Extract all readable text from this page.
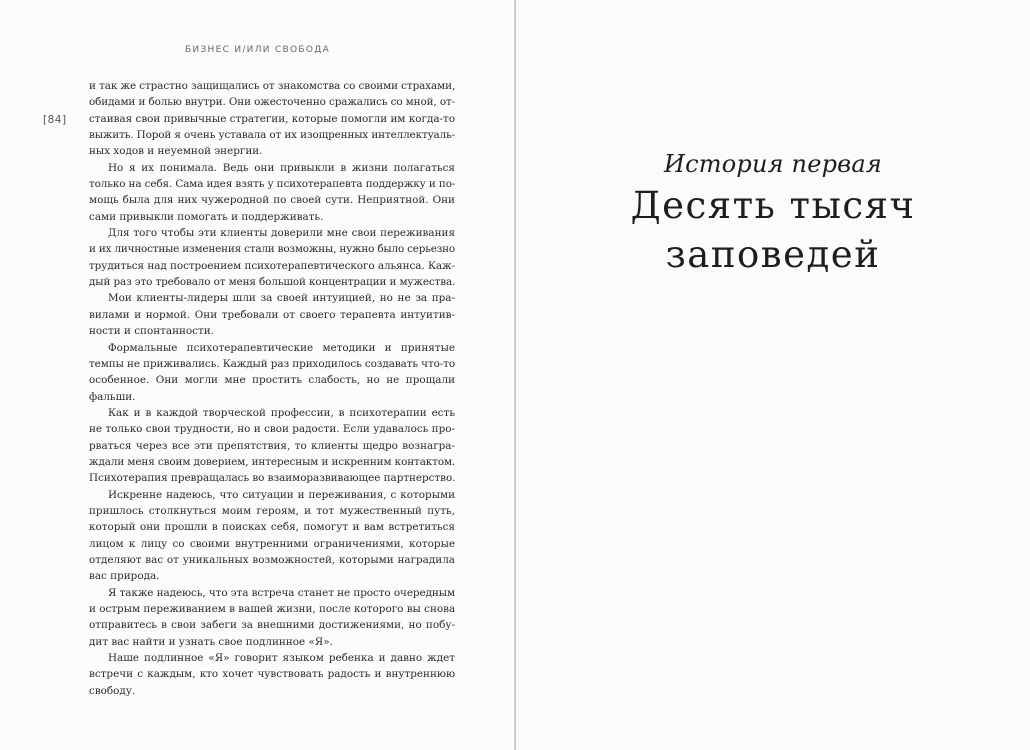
БИЗНЕС И/ИЛИ СВОБОДА
[84]
и так же страстно защищались от знакомства со своими страхами,
обидами и болью внутри. Они ожесточенно сражались со мной, от-
стаивая свои привычные стратегии, которые помогли им когда-то
выжить. Порой я очень уставала от их изощренных интеллектуаль-
ных ходов и неуемной энергии.
Но я их понимала. Ведь они привыкли в жизни полагаться
только на себя. Сама идея взять у психотерапевта поддержку и по-
мощь была для них чужеродной по своей сути. Неприятной. Они
сами привыкли помогать и поддерживать.
Для того чтобы эти клиенты доверили мне свои переживания
и их личностные изменения стали возможны, нужно было серьезно
трудиться над построением психотерапевтического альянса. Каж-
дый раз это требовало от меня большой концентрации и мужества.
Мои клиенты-лидеры шли за своей интуицией, но не за пра-
вилами и нормой. Они требовали от своего терапевта интуитив-
ности и спонтанности.
Формальные психотерапевтические методики и принятые
темпы не приживались. Каждый раз приходилось создавать что-то
особенное. Они могли мне простить слабость, но не прощали
фальши.
Как и в каждой творческой профессии, в психотерапии есть
не только свои трудности, но и свои радости. Если удавалось про-
рваться через все эти препятствия, то клиенты щедро вознагра-
ждали меня своим доверием, интересным и искренним контактом.
Психотерапия превращалась во взаиморазвивающее партнерство.
Искренне надеюсь, что ситуации и переживания, с которыми
пришлось столкнуться моим героям, и тот мужественный путь,
который они прошли в поисках себя, помогут и вам встретиться
лицом к лицу со своими внутренними ограничениями, которые
отделяют вас от уникальных возможностей, которыми наградила
вас природа.
Я также надеюсь, что эта встреча станет не просто очередным
и острым переживанием в вашей жизни, после которого вы снова
отправитесь в свои забеги за внешними достижениями, но побу-
дит вас найти и узнать свое подлинное «Я».
Наше подлинное «Я» говорит языком ребенка и давно ждет
встречи с каждым, кто хочет чувствовать радость и внутреннюю
свободу.
История первая
Десять тысяч
заповедей
